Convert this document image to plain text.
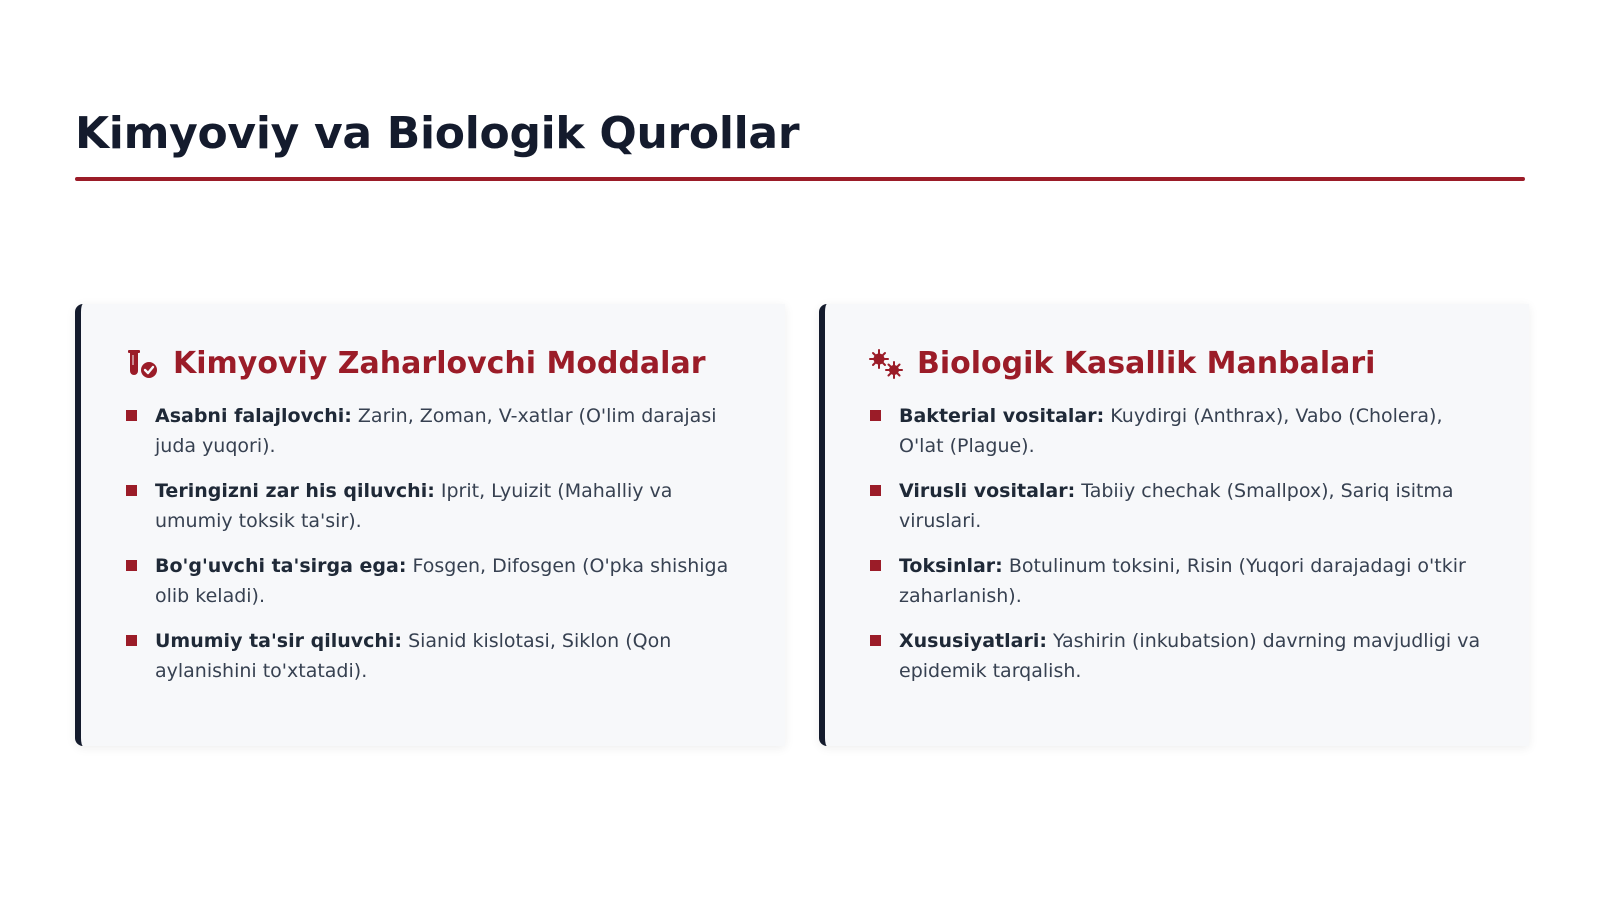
Kimyoviy va Biologik Qurollar
Kimyoviy Zaharlovchi Moddalar
Asabni falajlovchi: Zarin, Zoman, V-xatlar (O'lim darajasi juda yuqori).
Teringizni zar his qiluvchi: Iprit, Lyuizit (Mahalliy va umumiy toksik ta'sir).
Bo'g'uvchi ta'sirga ega: Fosgen, Difosgen (O'pka shishiga olib keladi).
Umumiy ta'sir qiluvchi: Sianid kislotasi, Siklon (Qon aylanishini to'xtatadi).
Biologik Kasallik Manbalari
Bakterial vositalar: Kuydirgi (Anthrax), Vabo (Cholera), O'lat (Plague).
Virusli vositalar: Tabiiy chechak (Smallpox), Sariq isitma viruslari.
Toksinlar: Botulinum toksini, Risin (Yuqori darajadagi o'tkir zaharlanish).
Xususiyatlari: Yashirin (inkubatsion) davrning mavjudligi va epidemik tarqalish.
